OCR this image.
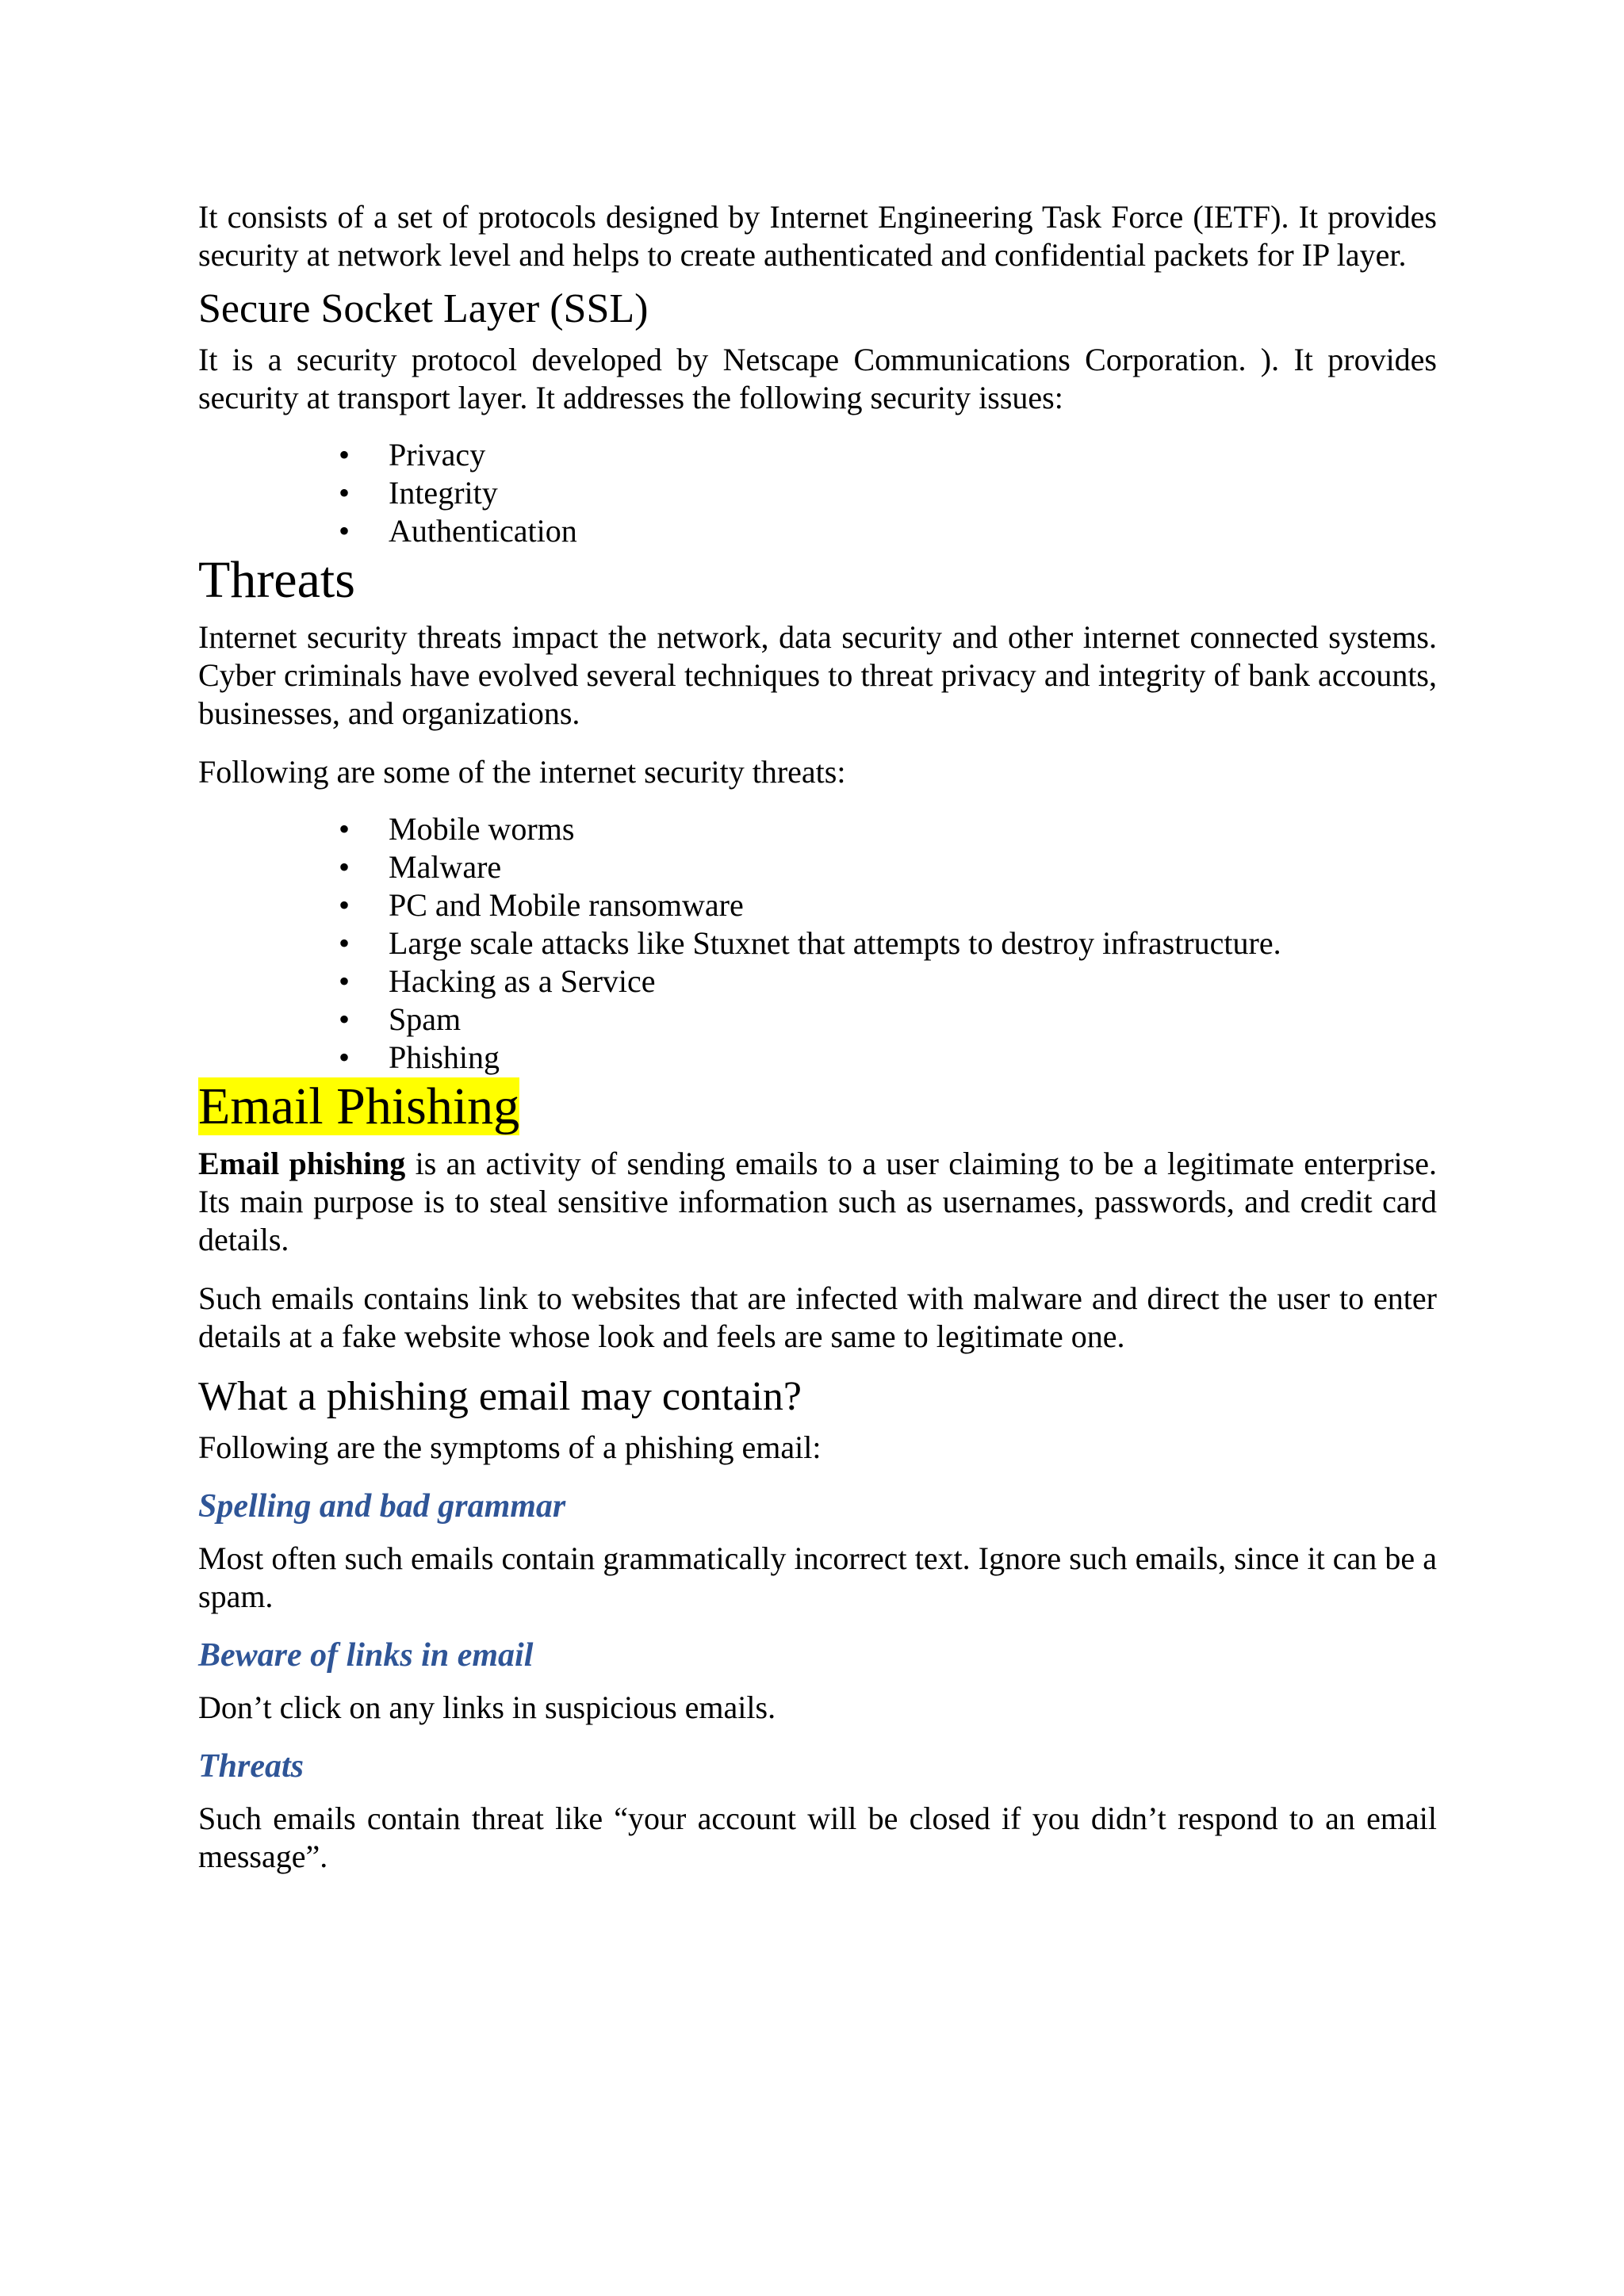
It consists of a set of protocols designed by Internet Engineering Task Force (IETF). It provides security at network level and helps to create authenticated and confidential packets for IP layer.

Secure Socket Layer (SSL)

It is a security protocol developed by Netscape Communications Corporation. ). It provides security at transport layer. It addresses the following security issues:

• Privacy
• Integrity
• Authentication

Threats

Internet security threats impact the network, data security and other internet connected systems. Cyber criminals have evolved several techniques to threat privacy and integrity of bank accounts, businesses, and organizations.

Following are some of the internet security threats:

• Mobile worms
• Malware
• PC and Mobile ransomware
• Large scale attacks like Stuxnet that attempts to destroy infrastructure.
• Hacking as a Service
• Spam
• Phishing

Email Phishing

Email phishing is an activity of sending emails to a user claiming to be a legitimate enterprise. Its main purpose is to steal sensitive information such as usernames, passwords, and credit card details.

Such emails contains link to websites that are infected with malware and direct the user to enter details at a fake website whose look and feels are same to legitimate one.

What a phishing email may contain?

Following are the symptoms of a phishing email:

Spelling and bad grammar

Most often such emails contain grammatically incorrect text. Ignore such emails, since it can be a spam.

Beware of links in email

Don’t click on any links in suspicious emails.

Threats

Such emails contain threat like “your account will be closed if you didn’t respond to an email message”.
